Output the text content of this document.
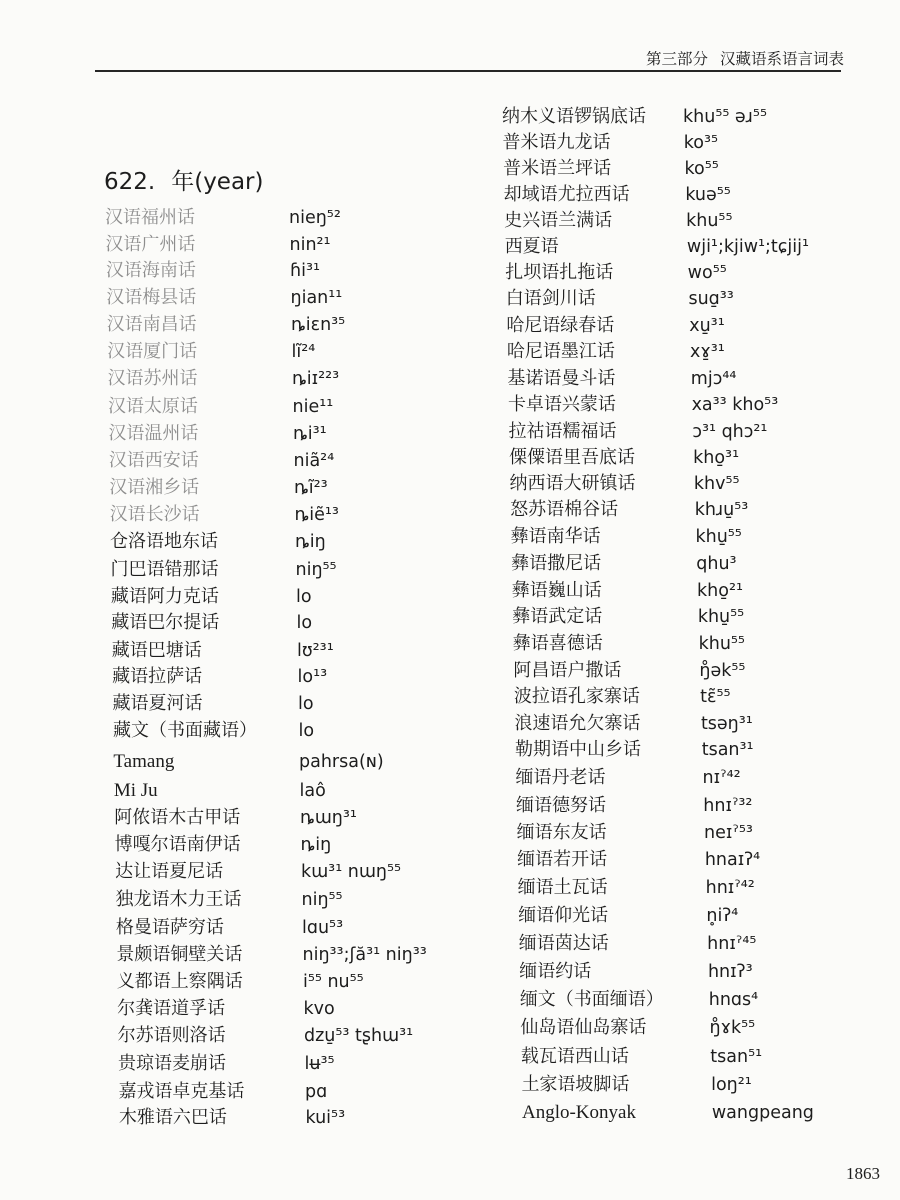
第三部分 汉藏语系语言词表
622. 年(year)
汉语福州话	nieŋ⁵²
汉语广州话	nin²¹
汉语海南话	ɦi³¹
汉语梅县话	ŋian¹¹
汉语南昌话	ȵiɛn³⁵
汉语厦门话	lĩ²⁴
汉语苏州话	ȵiɪ²²³
汉语太原话	nie¹¹
汉语温州话	ȵi³¹
汉语西安话	niã²⁴
汉语湘乡话	ȵĩ²³
汉语长沙话	ȵiẽ¹³
仓洛语地东话	ȵiŋ
门巴语错那话	niŋ⁵⁵
藏语阿力克话	lo
藏语巴尔提话	lo
藏语巴塘话	lʊ²³¹
藏语拉萨话	lo¹³
藏语夏河话	lo
藏文（书面藏语） lo
Tamang	pahrsa(ɴ)
Mi Ju	laô
阿侬语木古甲话	ȵɯŋ³¹
博嘎尔语南伊话	ȵiŋ
达让语夏尼话	kɯ³¹ nɯŋ⁵⁵
独龙语木力王话	niŋ⁵⁵
格曼语萨穷话	lɑu⁵³
景颇语铜壁关话	niŋ³³;ʃă³¹ niŋ³³
义都语上察隅话	i⁵⁵ nu⁵⁵
尔龚语道孚话	kvo
尔苏语则洛话	dzu̱⁵³ tʂhɯ³¹
贵琼语麦崩话	lʉ³⁵
嘉戎语卓克基话	pɑ
木雅语六巴话	kui⁵³
纳木义语锣锅底话 khu⁵⁵ əɹ⁵⁵
普米语九龙话	ko³⁵
普米语兰坪话	ko⁵⁵
却域语尤拉西话	kuə⁵⁵
史兴语兰满话	khu⁵⁵
西夏语	wji¹;kjiw¹;tɕjij¹
扎坝语扎拖话	wo⁵⁵
白语剑川话	suɑ̱³³
哈尼语绿春话	xu̱³¹
哈尼语墨江话	xɤ̱³¹
基诺语曼斗话	mjɔ⁴⁴
卡卓语兴蒙话	xa³³ kho⁵³
拉祜语糯福话	ɔ³¹ qhɔ²¹
傈僳语里吾底话	kho̱³¹
纳西语大研镇话	khv⁵⁵
怒苏语棉谷话	khɹu̱⁵³
彝语南华话	khu̱⁵⁵
彝语撒尼话	qhu³
彝语巍山话	kho̱²¹
彝语武定话	khu̱⁵⁵
彝语喜德话	khu⁵⁵
阿昌语户撒话	ŋ̊ək⁵⁵
波拉语孔家寨话	tɛ̃⁵⁵
浪速语允欠寨话	tsəŋ³¹
勒期语中山乡话	tsan³¹
缅语丹老话	nɪˀ⁴²
缅语德努话	hnɪˀ³²
缅语东友话	neɪˀ⁵³
缅语若开话	hnaɪʔ⁴
缅语土瓦话	hnɪˀ⁴²
缅语仰光话	n̥iʔ⁴
缅语茵达话	hnɪˀ⁴⁵
缅语约话	hnɪʔ³
缅文（书面缅语）	hnɑs⁴
仙岛语仙岛寨话	ŋ̊ɤk⁵⁵
载瓦语西山话	tsan⁵¹
土家语坡脚话	loŋ²¹
Anglo-Konyak	wangpeang
1863
